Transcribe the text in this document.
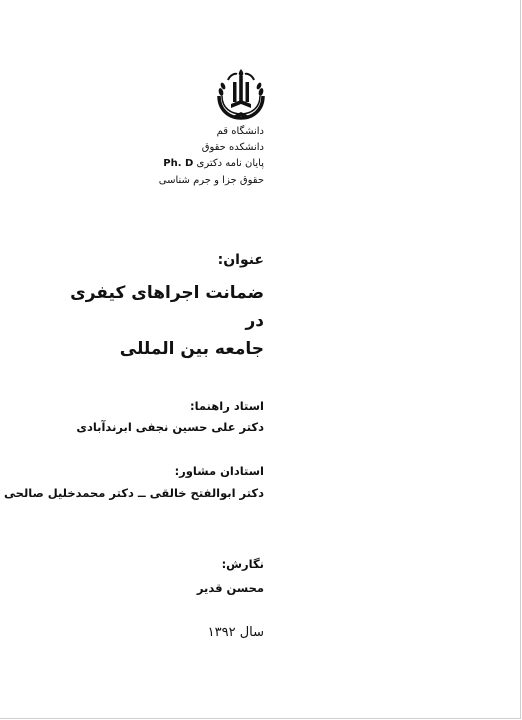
دانشگاه قم
دانشکده حقوق
پایان نامه دکتری Ph. D
حقوق جزا و جرم شناسی
عنوان:
ضمانت اجراهای کیفری
در
جامعه بین المللی
استاد راهنما:
دکتر علی حسین نجفی ابرندآبادی
استادان مشاور:
دکتر ابوالفتح خالقی ــ دکتر محمدخلیل صالحی
نگارش:
محسن قدیر
سال ۱۳۹۲
